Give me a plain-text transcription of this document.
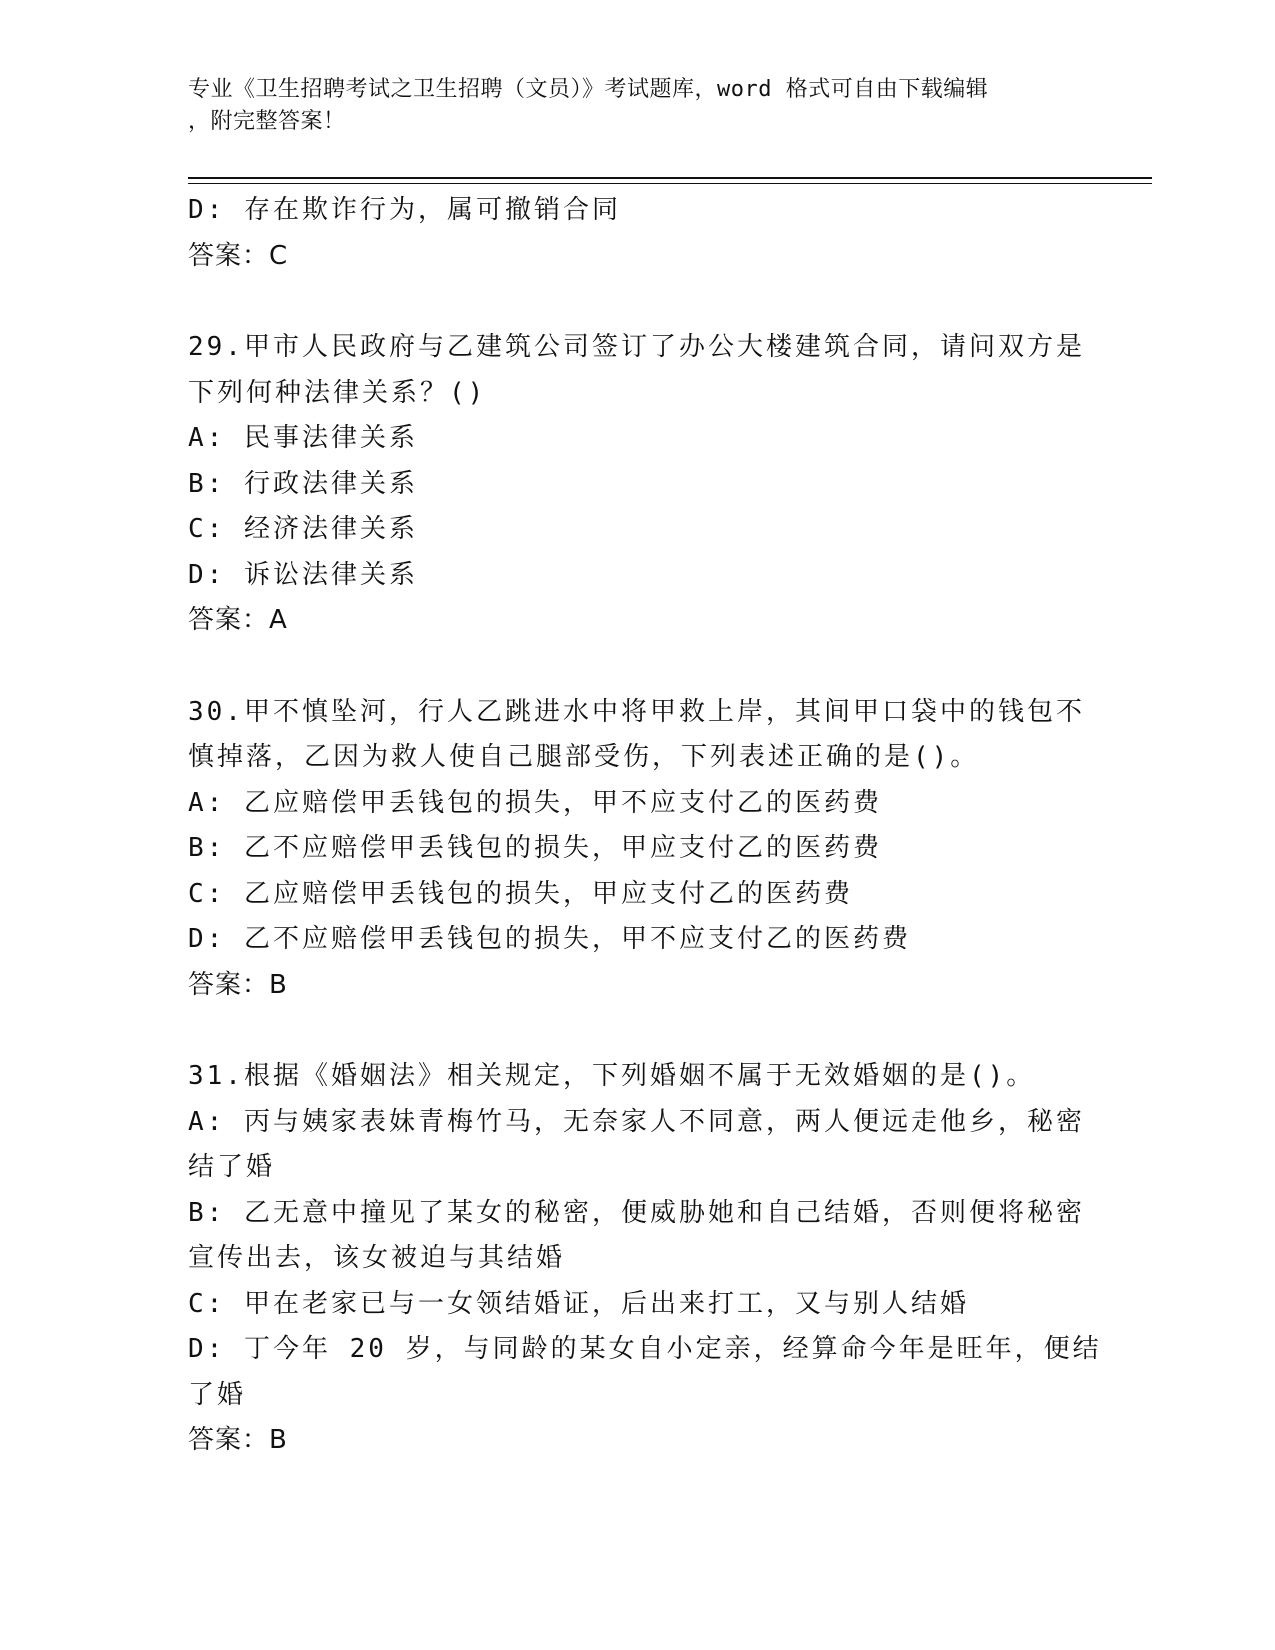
专业《卫生招聘考试之卫生招聘（文员）》考试题库，word 格式可自由下载编辑
，附完整答案！
D: 存在欺诈行为，属可撤销合同
答案：C
29.甲市人民政府与乙建筑公司签订了办公大楼建筑合同，请问双方是
下列何种法律关系？()
A: 民事法律关系
B: 行政法律关系
C: 经济法律关系
D: 诉讼法律关系
答案：A
30.甲不慎坠河，行人乙跳进水中将甲救上岸，其间甲口袋中的钱包不
慎掉落，乙因为救人使自己腿部受伤，下列表述正确的是()。
A: 乙应赔偿甲丢钱包的损失，甲不应支付乙的医药费
B: 乙不应赔偿甲丢钱包的损失，甲应支付乙的医药费
C: 乙应赔偿甲丢钱包的损失，甲应支付乙的医药费
D: 乙不应赔偿甲丢钱包的损失，甲不应支付乙的医药费
答案：B
31.根据《婚姻法》相关规定，下列婚姻不属于无效婚姻的是()。
A: 丙与姨家表妹青梅竹马，无奈家人不同意，两人便远走他乡，秘密
结了婚
B: 乙无意中撞见了某女的秘密，便威胁她和自己结婚，否则便将秘密
宣传出去，该女被迫与其结婚
C: 甲在老家已与一女领结婚证，后出来打工，又与别人结婚
D: 丁今年 20 岁，与同龄的某女自小定亲，经算命今年是旺年，便结
了婚
答案：B
